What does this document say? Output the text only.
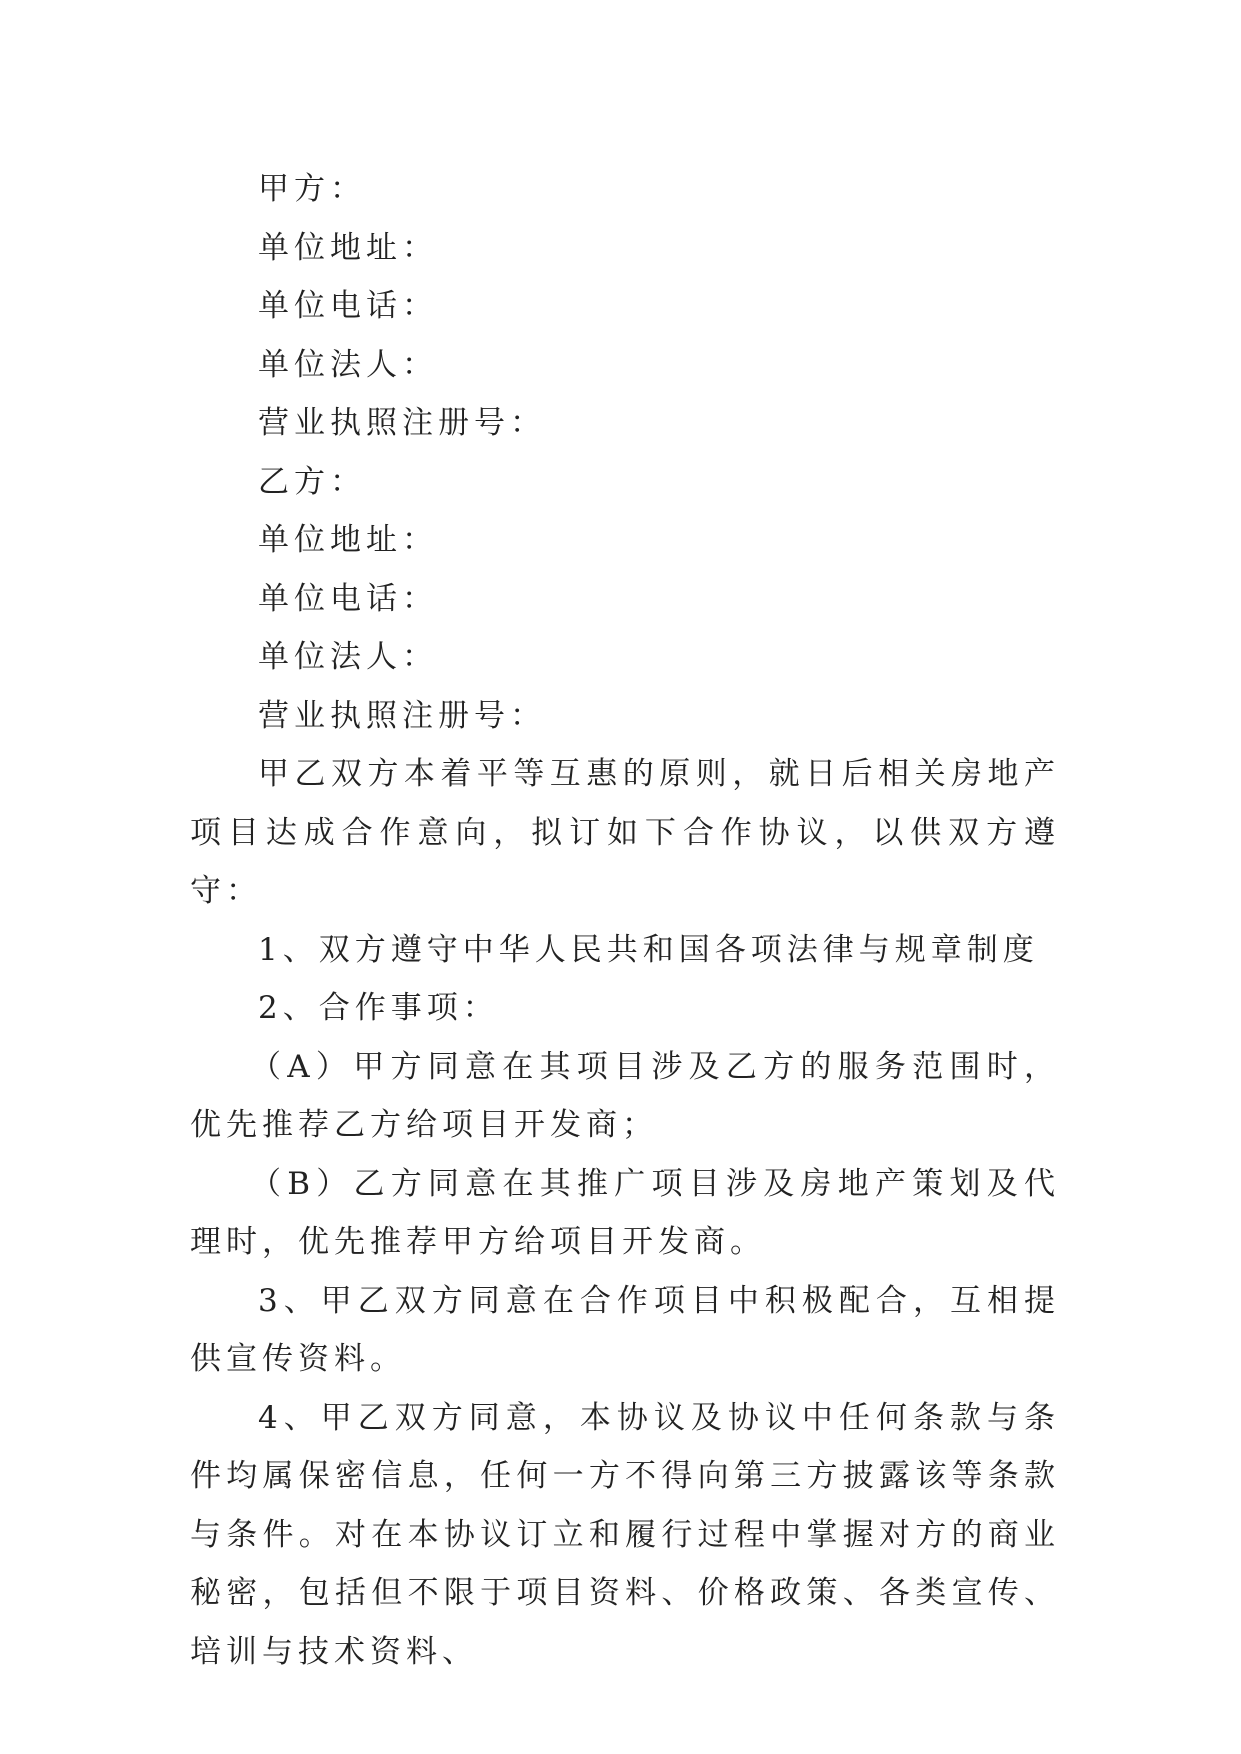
甲方：

单位地址：

单位电话：

单位法人：

营业执照注册号：

乙方：

单位地址：

单位电话：

单位法人：

营业执照注册号：

甲乙双方本着平等互惠的原则，就日后相关房地产项目达成合作意向，拟订如下合作协议，以供双方遵守：

1、双方遵守中华人民共和国各项法律与规章制度

2、合作事项：

（A）甲方同意在其项目涉及乙方的服务范围时，优先推荐乙方给项目开发商；

（B）乙方同意在其推广项目涉及房地产策划及代理时，优先推荐甲方给项目开发商。

3、甲乙双方同意在合作项目中积极配合，互相提供宣传资料。

4、甲乙双方同意，本协议及协议中任何条款与条件均属保密信息，任何一方不得向第三方披露该等条款与条件。对在本协议订立和履行过程中掌握对方的商业秘密，包括但不限于项目资料、价格政策、各类宣传、培训与技术资料、
